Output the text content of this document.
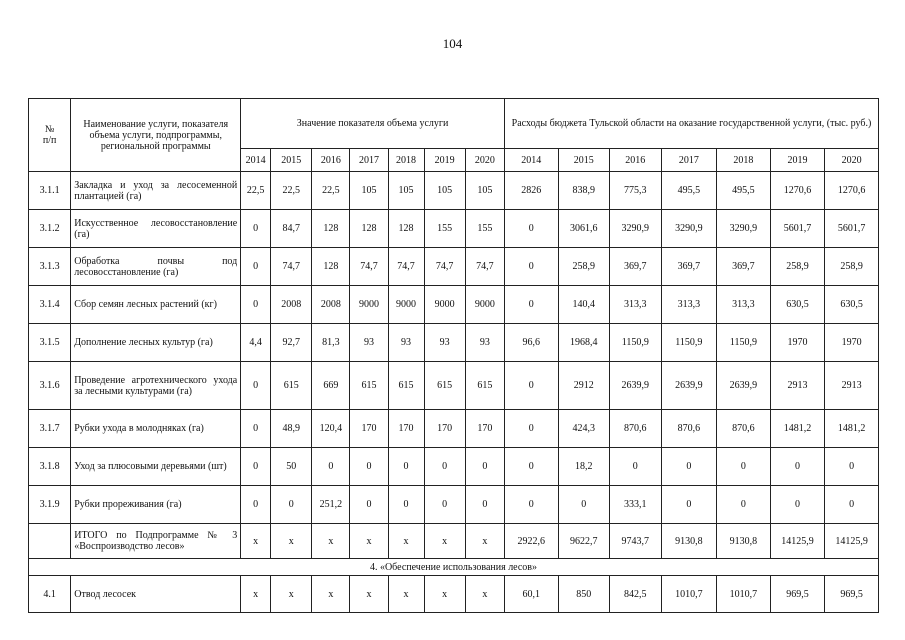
104
№
п/п	Наименование услуги, показателя объема услуги, подпрограммы, региональной программы	Значение показателя объема услуги							Расходы бюджета Тульской области на оказание государственной услуги, (тыс. руб.)						
		2014	2015	2016	2017	2018	2019	2020	2014	2015	2016	2017	2018	2019	2020
3.1.1	Закладка и уход за лесосеменной плантацией (га)	22,5	22,5	22,5	105	105	105	105	2826	838,9	775,3	495,5	495,5	1270,6	1270,6
3.1.2	Искусственное лесовосстановление (га)	0	84,7	128	128	128	155	155	0	3061,6	3290,9	3290,9	3290,9	5601,7	5601,7
3.1.3	Обработка почвы под лесовосстановление (га)	0	74,7	128	74,7	74,7	74,7	74,7	0	258,9	369,7	369,7	369,7	258,9	258,9
3.1.4	Сбор семян лесных растений (кг)	0	2008	2008	9000	9000	9000	9000	0	140,4	313,3	313,3	313,3	630,5	630,5
3.1.5	Дополнение лесных культур (га)	4,4	92,7	81,3	93	93	93	93	96,6	1968,4	1150,9	1150,9	1150,9	1970	1970
3.1.6	Проведение агротехнического ухода за лесными культурами (га)	0	615	669	615	615	615	615	0	2912	2639,9	2639,9	2639,9	2913	2913
3.1.7	Рубки ухода в молодняках (га)	0	48,9	120,4	170	170	170	170	0	424,3	870,6	870,6	870,6	1481,2	1481,2
3.1.8	Уход за плюсовыми деревьями (шт)	0	50	0	0	0	0	0	0	18,2	0	0	0	0	0
3.1.9	Рубки прореживания (га)	0	0	251,2	0	0	0	0	0	0	333,1	0	0	0	0
	ИТОГО по Подпрограмме № 3 «Воспроизводство лесов»	х	х	х	х	х	х	х	2922,6	9622,7	9743,7	9130,8	9130,8	14125,9	14125,9
4. «Обеспечение использования лесов»															
4.1	Отвод лесосек	х	х	х	х	х	х	х	60,1	850	842,5	1010,7	1010,7	969,5	969,5
